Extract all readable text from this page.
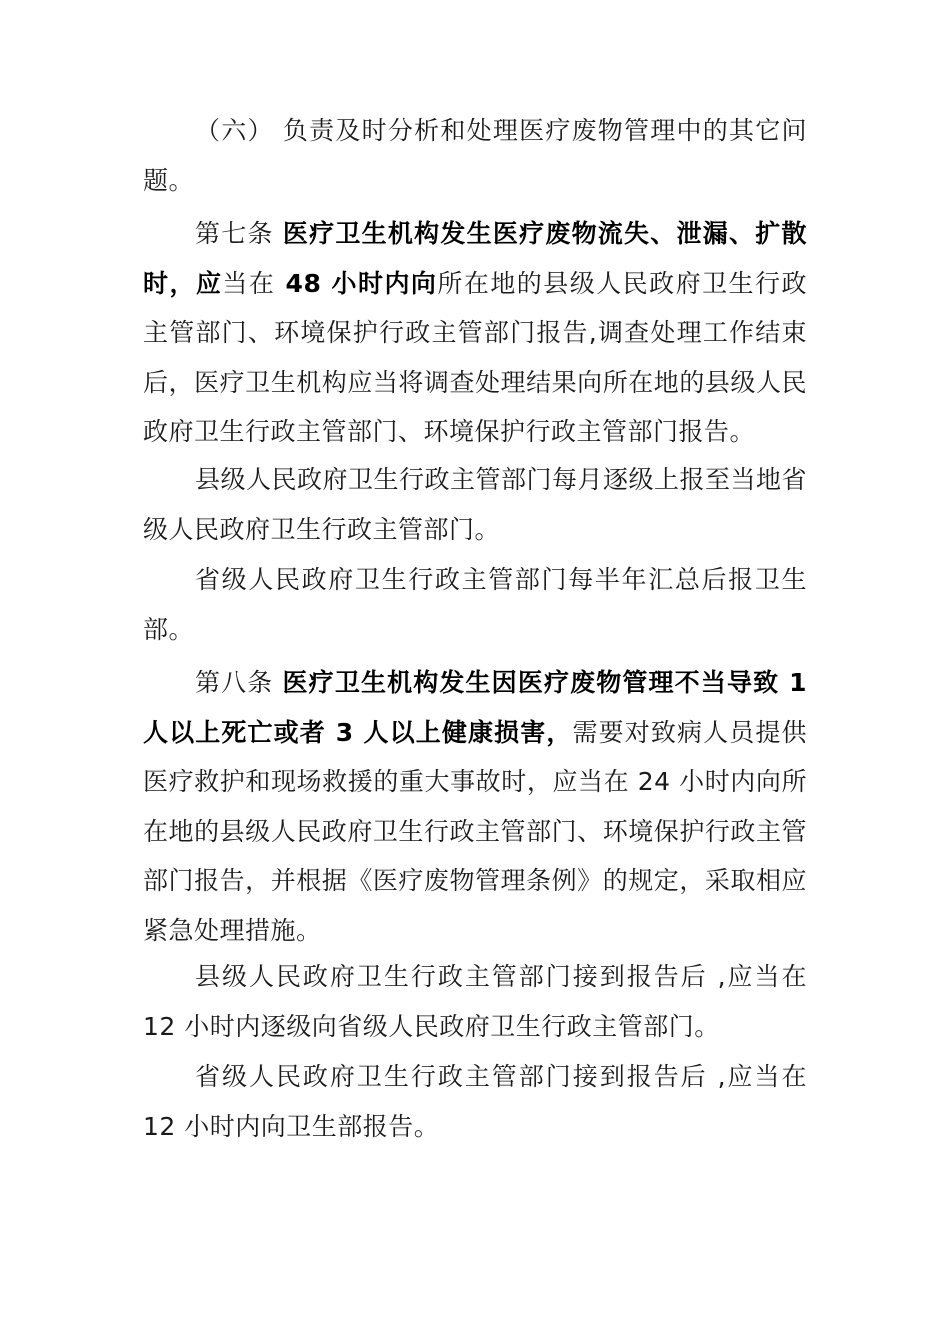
（六） 负责及时分析和处理医疗废物管理中的其它问题。

第七条 医疗卫生机构发生医疗废物流失、泄漏、扩散时，应当在 48 小时内向所在地的县级人民政府卫生行政主管部门、环境保护行政主管部门报告,调查处理工作结束后，医疗卫生机构应当将调查处理结果向所在地的县级人民政府卫生行政主管部门、环境保护行政主管部门报告。

县级人民政府卫生行政主管部门每月逐级上报至当地省级人民政府卫生行政主管部门。

省级人民政府卫生行政主管部门每半年汇总后报卫生部。

第八条 医疗卫生机构发生因医疗废物管理不当导致 1 人以上死亡或者 3 人以上健康损害，需要对致病人员提供医疗救护和现场救援的重大事故时，应当在 24 小时内向所在地的县级人民政府卫生行政主管部门、环境保护行政主管部门报告，并根据《医疗废物管理条例》的规定，采取相应紧急处理措施。

县级人民政府卫生行政主管部门接到报告后 ,应当在 12 小时内逐级向省级人民政府卫生行政主管部门。

省级人民政府卫生行政主管部门接到报告后 ,应当在 12 小时内向卫生部报告。
